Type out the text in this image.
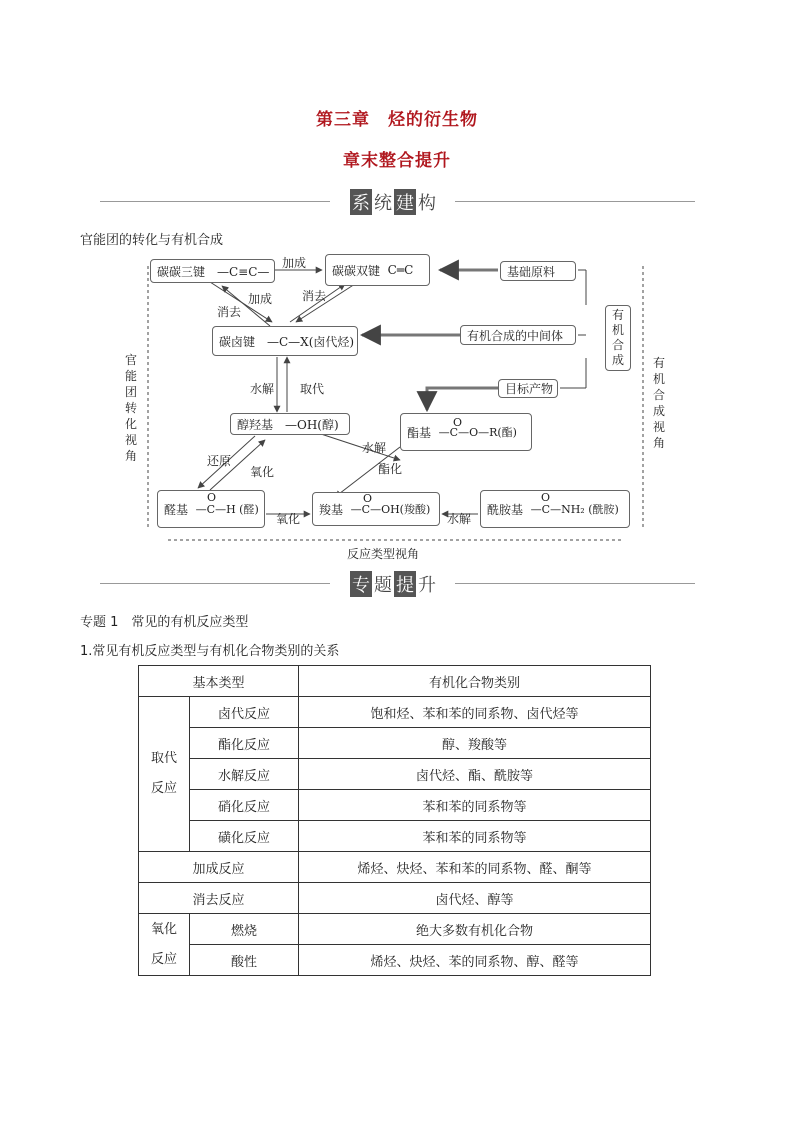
第三章　烃的衍生物
章末整合提升
系 统 建 构
官能团的转化与有机合成
碳碳三键　—C≡C—	碳碳双键
C═C	基础原料
碳卤键　—C—X(卤代烃)	有机合成的中间体
有机合成
目标产物
醇羟基　—OH(醇)
酯基
—C—O—R(酯)
O
醛基
—C—H (醛)
O
羧基
—C—OH(羧酸)
O
酰胺基
—C—NH₂ (酰胺)
O
加成
加成
消去
消去
水解 取代
还原
氧化
水解
酯化
氧化	水解
官能团转化视角
有机合成视角
反应类型视角
专 题 提 升
专题 1　常见的有机反应类型
1.常见有机反应类型与有机化合物类别的关系
基本类型		有机化合物类别
取代反应	卤代反应	饱和烃、苯和苯的同系物、卤代烃等
	酯化反应	醇、羧酸等
	水解反应	卤代烃、酯、酰胺等
	硝化反应	苯和苯的同系物等
	磺化反应	苯和苯的同系物等
加成反应		烯烃、炔烃、苯和苯的同系物、醛、酮等
消去反应		卤代烃、醇等
氧化反应	燃烧	绝大多数有机化合物
	酸性	烯烃、炔烃、苯的同系物、醇、醛等
